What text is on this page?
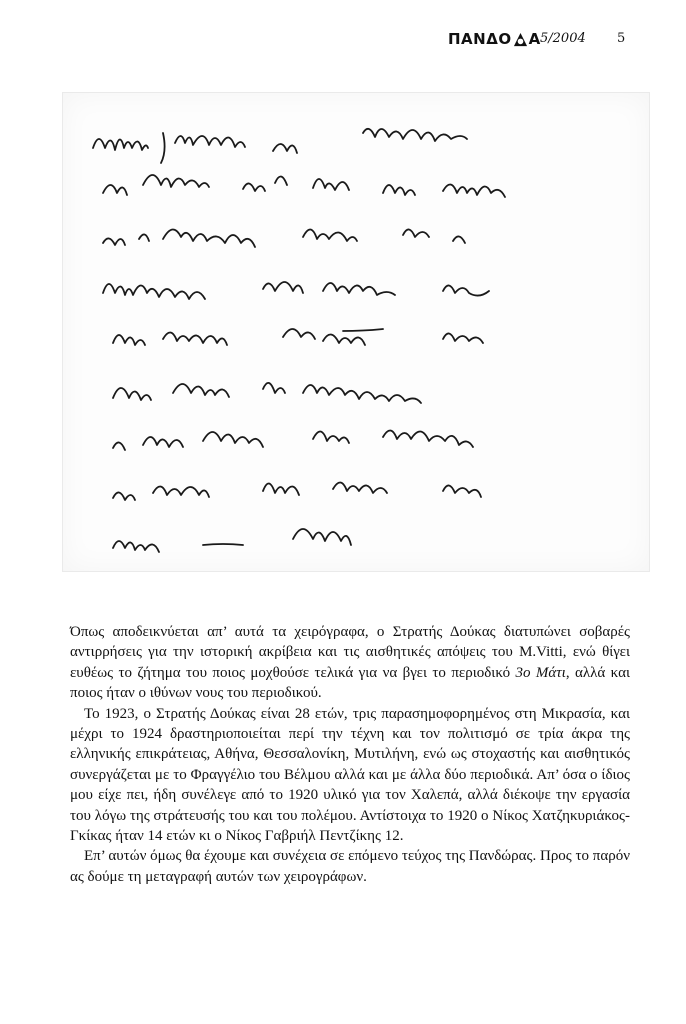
ΠΑΝΔΟ Α 5/2004 5

Όπως αποδεικνύεται απ’ αυτά τα χειρόγραφα, ο Στρατής Δούκας διατυπώνει σοβαρές αντιρρήσεις για την ιστορική ακρίβεια και τις αισθητικές απόψεις του M.Vitti, ενώ θίγει ευθέως το ζήτημα του ποιος μοχθούσε τελικά για να βγει το περιοδικό 3ο Μάτι, αλλά και ποιος ήταν ο ιθύνων νους του περιοδικού.

Το 1923, ο Στρατής Δούκας είναι 28 ετών, τρις παρασημοφορημένος στη Μικρασία, και μέχρι το 1924 δραστηριοποιείται περί την τέχνη και τον πολιτισμό σε τρία άκρα της ελληνικής επικράτειας, Αθήνα, Θεσσαλονίκη, Μυτιλήνη, ενώ ως στοχαστής και αισθητικός συνεργάζεται με το Φραγγέλιο του Βέλμου αλλά και με άλλα δύο περιοδικά. Απ’ όσα ο ίδιος μου είχε πει, ήδη συνέλεγε από το 1920 υλικό για τον Χαλεπά, αλλά διέκοψε την εργασία του λόγω της στράτευσής του και του πολέμου. Αντίστοιχα το 1920 ο Νίκος Χατζηκυριάκος-Γκίκας ήταν 14 ετών κι ο Νίκος Γαβριήλ Πεντζίκης 12.

Επ’ αυτών όμως θα έχουμε και συνέχεια σε επόμενο τεύχος της Πανδώρας. Προς το παρόν ας δούμε τη μεταγραφή αυτών των χειρογράφων.
